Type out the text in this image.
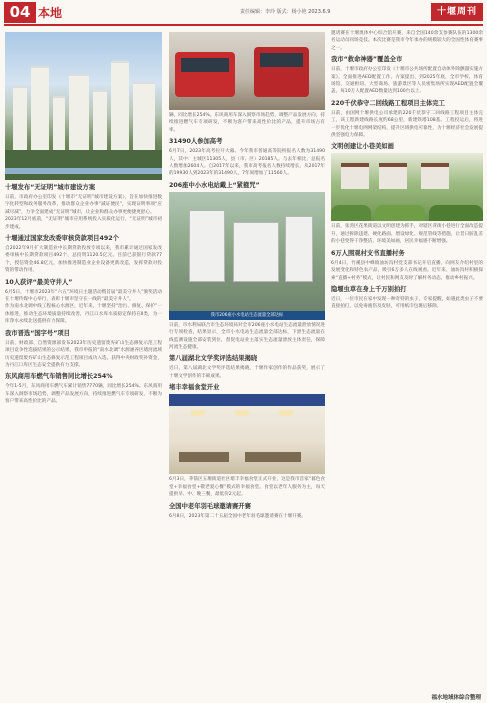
04 本地	责任编辑：李玲 版式：杨小艳 2023.6.9	十堰周刊
十堰发布“无证明”城市建设方案

日前，市政府办公室印发《十堰市“无证明”城市建设方案》，旨在加快推进数字化转型和政务服务改革，推动群众企业办事“减证便民”，实现证明事项“应减尽减”，力争全面建成“无证明”城市，让企业和群众办事更便捷更舒心。

2023年12月底前，“无证明”城市应用系统投入实质化运行，“无证明”城市初步建成。

十堰通过国家发改委审核贷款项目492个

自2022年9月扩大制造业中长期贷款投放专项以来，我市累计通过国家发改委审核中长期贷款项目492个，总投资1120.5亿元。目前已获银行贷款77个，授信资金46.8亿元，加快推进制造业企业设备更新改造，发挥贷款对投资的带动作用。

10人获评“最美守井人”

6月5日，十堰市2023年“六五”环境日主题活动暨首届“最美守井人”颁奖活动在十堰传媒中心举行，表彰十堰市坚守在一线的“最美守井人”。

作为南水北调中线工程核心水源区，近年来，十堰坚持“治污、修复、保护”一体推进，推动生态环境质量持续改善，丹江口水库水质稳定保持在Ⅱ类，为一库净水永续北送提供有力保障。

我市晋选“国字号”项目

日前，财政部、自然资源部发布2023年历史遗留废弃矿山生态修复示范工程项目竞争性选拔结果的公示结果，我市申报的“南水北调”水源涵养区堵河流域历史遗留废弃矿山生态修复示范工程项目成功入选，获得中央财政奖补资金，为丹江口库区生态安全提供有力支撑。

东风商用车燃气车销售同比增长254%

今年1-5月，东风商用车燃气车累计销售7770辆，同比增长254%。东风商用车深入洞察市场趋势，调整产品发展方向，持续推进燃气车专项研发，不断为客户带来高性价比的产品。

辆，同比增长254%。东风商用车深入洞察市场趋势，调整产品发展方向，持续推进燃气车专项研发，不断为客户带来高性价比的产品，提升市场占有率。

31490人参加高考

6月7日，2023年高考拉开大幕。今年我市普通高等院校报名人数为31490人，其中：主城区11305人，县（市、区）20185人。与去年相比，总报名人数增加2604人。自2017年以来，我市高考报名人数持续增长，从2017年的19930人到2023年的31490人，7年间增加了11560人。

206座中小水电站戴上“紧箍咒”
我市206座小水电站生态流量全部达标

日前，市水利局联合市生态环境局对全市206座小水电站生态流量泄放情况进行专项检查，结果显示，全市小水电站生态流量全部达标，下泄生态流量在线监测设施全部安装到位，督促电站业主落实生态流量泄放主体责任，保障河流生态健康。

第八届湖北文学奖评选结果揭晓

近日，第八届湖北文学奖评选结果揭晓，十堰作家创作的作品获奖，展示了十堰文学创作的丰硕成果。

堵丰幸福食堂开业

6月3日，茅箭区五堰街道社区堵丰幸福食堂正式开业，这是我市首家“暮色食堂+幸福食堂+敬老爱心餐”模式的幸福食堂。食堂以老年人服务为主，每天提供早、中、晚三餐，最低价2元起。

全国中老年羽毛球邀请赛开赛

6月8日，2023年第二十五届全国中老年羽毛球邀请赛在十堰开赛。

邀请赛在十堰奥体中心综合馆开赛，来自全国140余支参赛队伍的1300余名运动员同场竞技。本次比赛是我市今年承办的规模较大的全国性体育赛事之一。

我市“救命神器”覆盖全市

日前，十堰市政府办公室印发《十堰市公共场所配置自动体外除颤器实施方案》，全面推进AED配置工作。方案提出，到2025年底，全市学校、体育场馆、交通枢纽、大型商场、旅游景区等人员密集场所实现AED配置全覆盖，每10万人配置AED数量达到100台以上。

220千伏恭守二回线路工程项目主体完工

日前，由国网十堰供电公司承建的220千伏恭守二回线路工程项目主体完工，该工程新建线路长度约68公里，新建铁塔108基。工程投运后，将进一步优化十堰电网网架结构，提升区域供电可靠性，为十堰经济社会发展提供坚强电力保障。

文明创建让小巷美如画

日前，张湾区花果街道以文明创建为抓手，对辖区背街小巷进行全面改造提升，通过拆除违建、硬化路面、增设绿化、规范管线等措施，让昔日脏乱差的小巷变得干净整洁，环境美如画，居民幸福感不断增强。

6万人围观村支书直播村务

6月4日，竹溪县中峰镇油坊沟村党支部书记开启直播，向网友介绍村里的发展变化和特色农产品，吸引6万多人在线观看。近年来，油坊沟村积极探索“直播+村务”模式，让村民和网友及时了解村务动态，推动乡村振兴。

隐堰虫草在身上千万别拍打

近日，一位市民在家中发现一种奇特的虫子，专家提醒，如遇此类虫子不要直接拍打，以免毒液伤及皮肤，可用纸巾包裹后移除。

福水地域体综合整理
